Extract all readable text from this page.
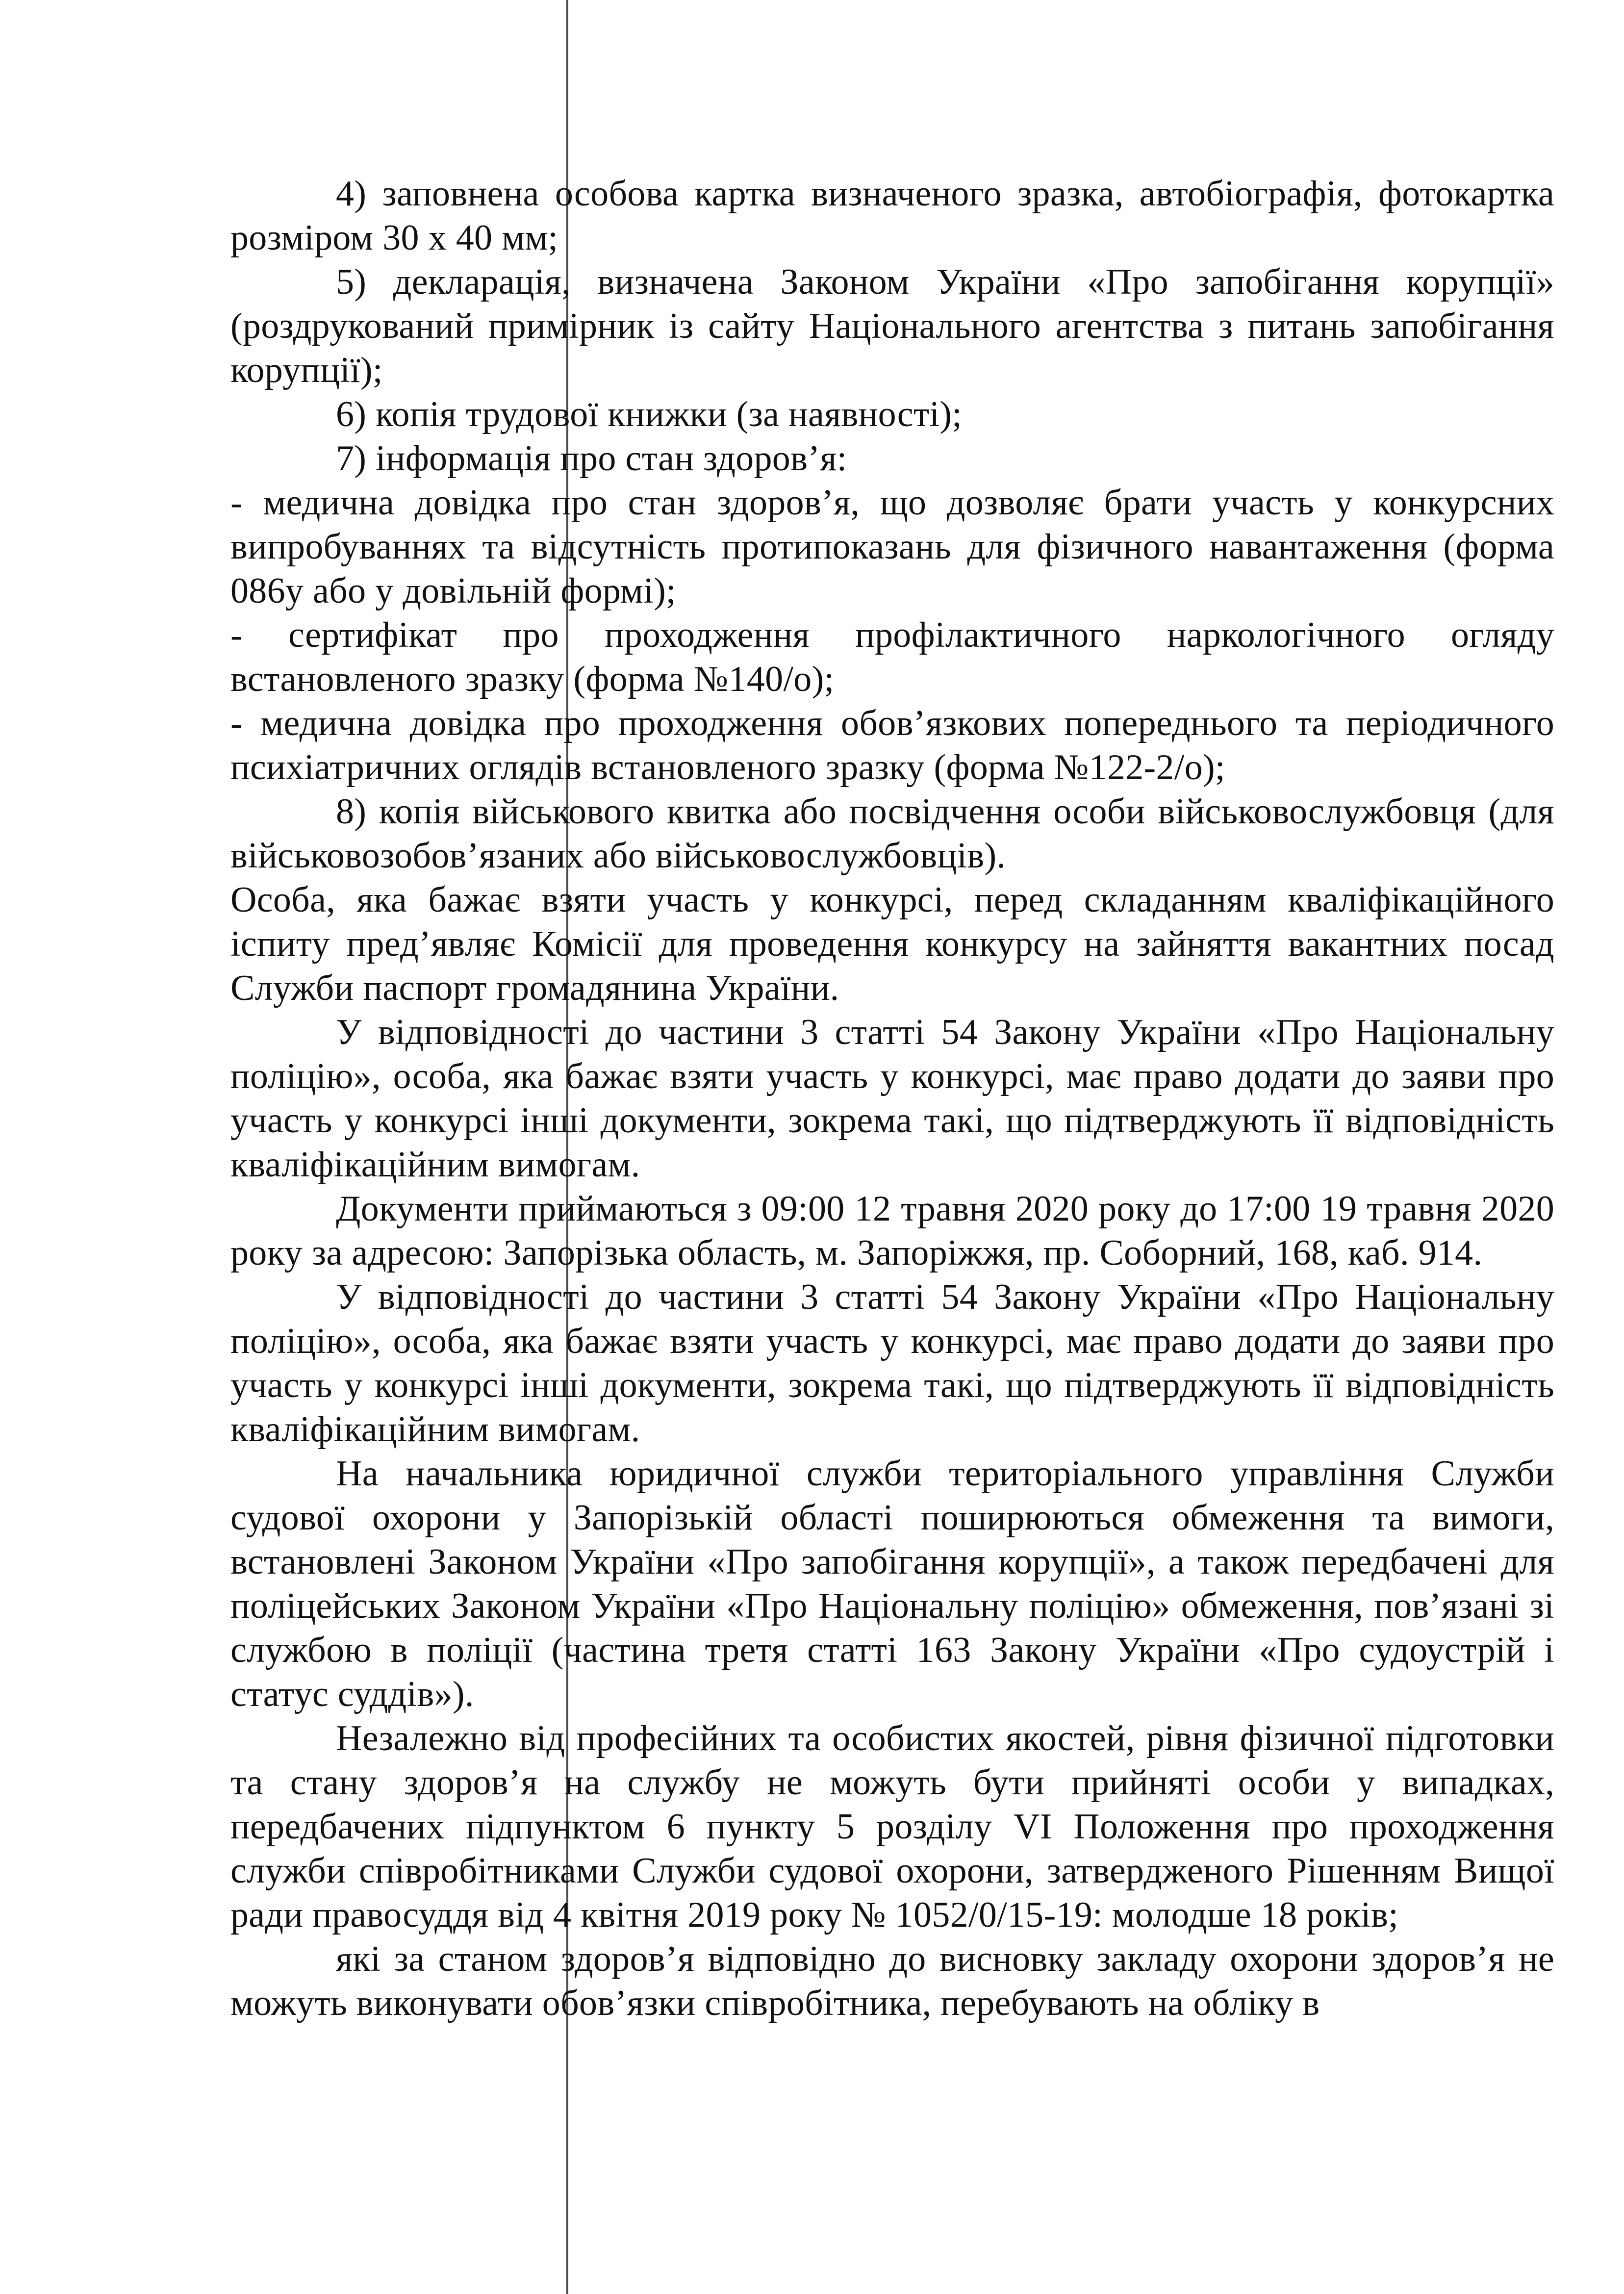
4) заповнена особова картка визначеного зразка, автобіографія, фотокартка розміром 30 х 40 мм;

5) декларація, визначена Законом України «Про запобігання корупції» (роздрукований примірник із сайту Національного агентства з питань запобігання корупції);

6) копія трудової книжки (за наявності);

7) інформація про стан здоров’я:

- медична довідка про стан здоров’я, що дозволяє брати участь у конкурсних випробуваннях та відсутність протипоказань для фізичного навантаження (форма 086у або у довільній формі);

- сертифікат про проходження профілактичного наркологічного огляду встановленого зразку (форма №140/о);

- медична довідка про проходження обов’язкових попереднього та періодичного психіатричних оглядів встановленого зразку (форма №122-2/о);

8) копія військового квитка або посвідчення особи військовослужбовця (для військовозобов’язаних або військовослужбовців).

Особа, яка бажає взяти участь у конкурсі, перед складанням кваліфікаційного іспиту пред’являє Комісії для проведення конкурсу на зайняття вакантних посад Служби паспорт громадянина України.

У відповідності до частини 3 статті 54 Закону України «Про Національну поліцію», особа, яка бажає взяти участь у конкурсі, має право додати до заяви про участь у конкурсі інші документи, зокрема такі, що підтверджують її відповідність кваліфікаційним вимогам.

Документи приймаються з 09:00 12 травня 2020 року до 17:00 19 травня 2020 року за адресою: Запорізька область, м. Запоріжжя, пр. Соборний, 168, каб. 914.

У відповідності до частини 3 статті 54 Закону України «Про Національну поліцію», особа, яка бажає взяти участь у конкурсі, має право додати до заяви про участь у конкурсі інші документи, зокрема такі, що підтверджують її відповідність кваліфікаційним вимогам.

На начальника юридичної служби територіального управління Служби судової охорони у Запорізькій області поширюються обмеження та вимоги, встановлені Законом України «Про запобігання корупції», а також передбачені для поліцейських Законом України «Про Національну поліцію» обмеження, пов’язані зі службою в поліції (частина третя статті 163 Закону України «Про судоустрій і статус суддів»).

Незалежно від професійних та особистих якостей, рівня фізичної підготовки та стану здоров’я на службу не можуть бути прийняті особи у випадках, передбачених підпунктом 6 пункту 5 розділу VI Положення про проходження служби співробітниками Служби судової охорони, затвердженого Рішенням Вищої ради правосуддя від 4 квітня 2019 року № 1052/0/15-19: молодше 18 років;

які за станом здоров’я відповідно до висновку закладу охорони здоров’я не можуть виконувати обов’язки співробітника, перебувають на обліку в
